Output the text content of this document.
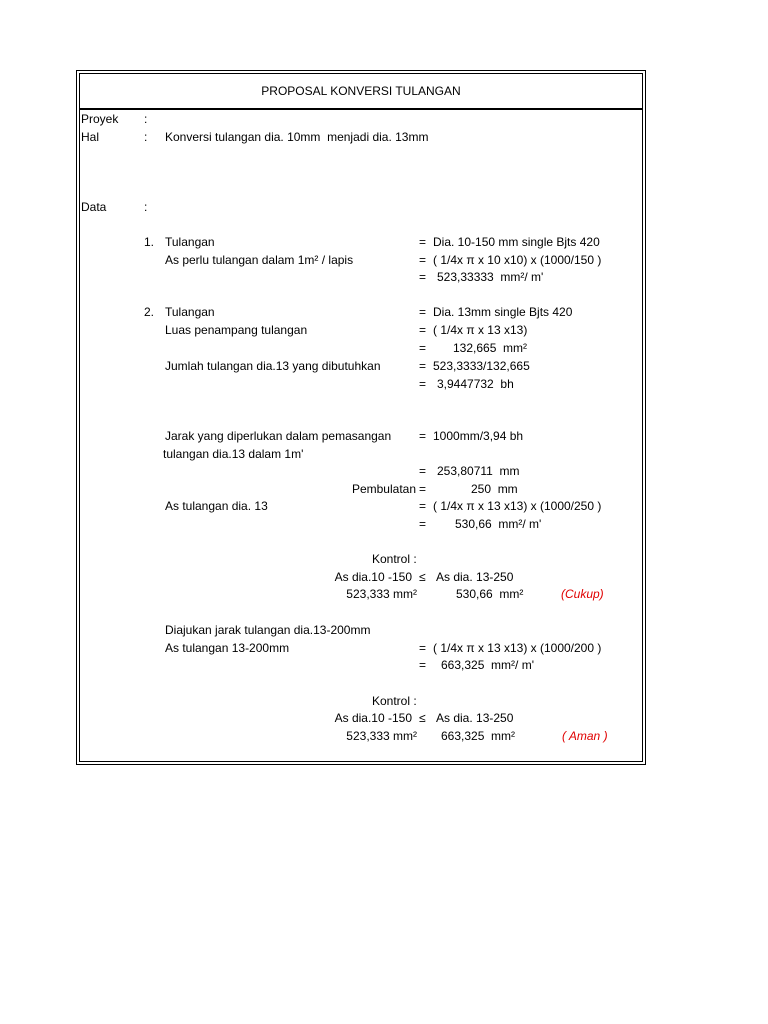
PROPOSAL KONVERSI TULANGAN
Proyek :
Hal	: Konversi tulangan dia. 10mm  menjadi dia. 13mm
Data	:
1. Tulangan	= Dia. 10-150 mm single Bjts 420
As perlu tulangan dalam 1m² / lapis	= ( 1/4x π x 10 x10) x (1000/150 )
= 523,33333  mm²/ m'
2. Tulangan	= Dia. 13mm single Bjts 420
Luas penampang tulangan	= ( 1/4x π x 13 x13)
= 132,665  mm²
Jumlah tulangan dia.13 yang dibutuhkan	= 523,3333/132,665
= 3,9447732  bh
Jarak yang diperlukan dalam pemasangan = 1000mm/3,94 bh
tulangan dia.13 dalam 1m'
= 253,80711  mm
Pembulatan =	250  mm
As tulangan dia. 13	= ( 1/4x π x 13 x13) x (1000/250 )
= 530,66  mm²/ m'
Kontrol :
As dia.10 -150 ≤ As dia. 13-250
523,333 mm²	530,66  mm²	(Cukup)
Diajukan jarak tulangan dia.13-200mm
As tulangan 13-200mm	= ( 1/4x π x 13 x13) x (1000/200 )
= 663,325  mm²/ m'
Kontrol :
As dia.10 -150 ≤ As dia. 13-250
523,333 mm² 663,325  mm²	( Aman )
